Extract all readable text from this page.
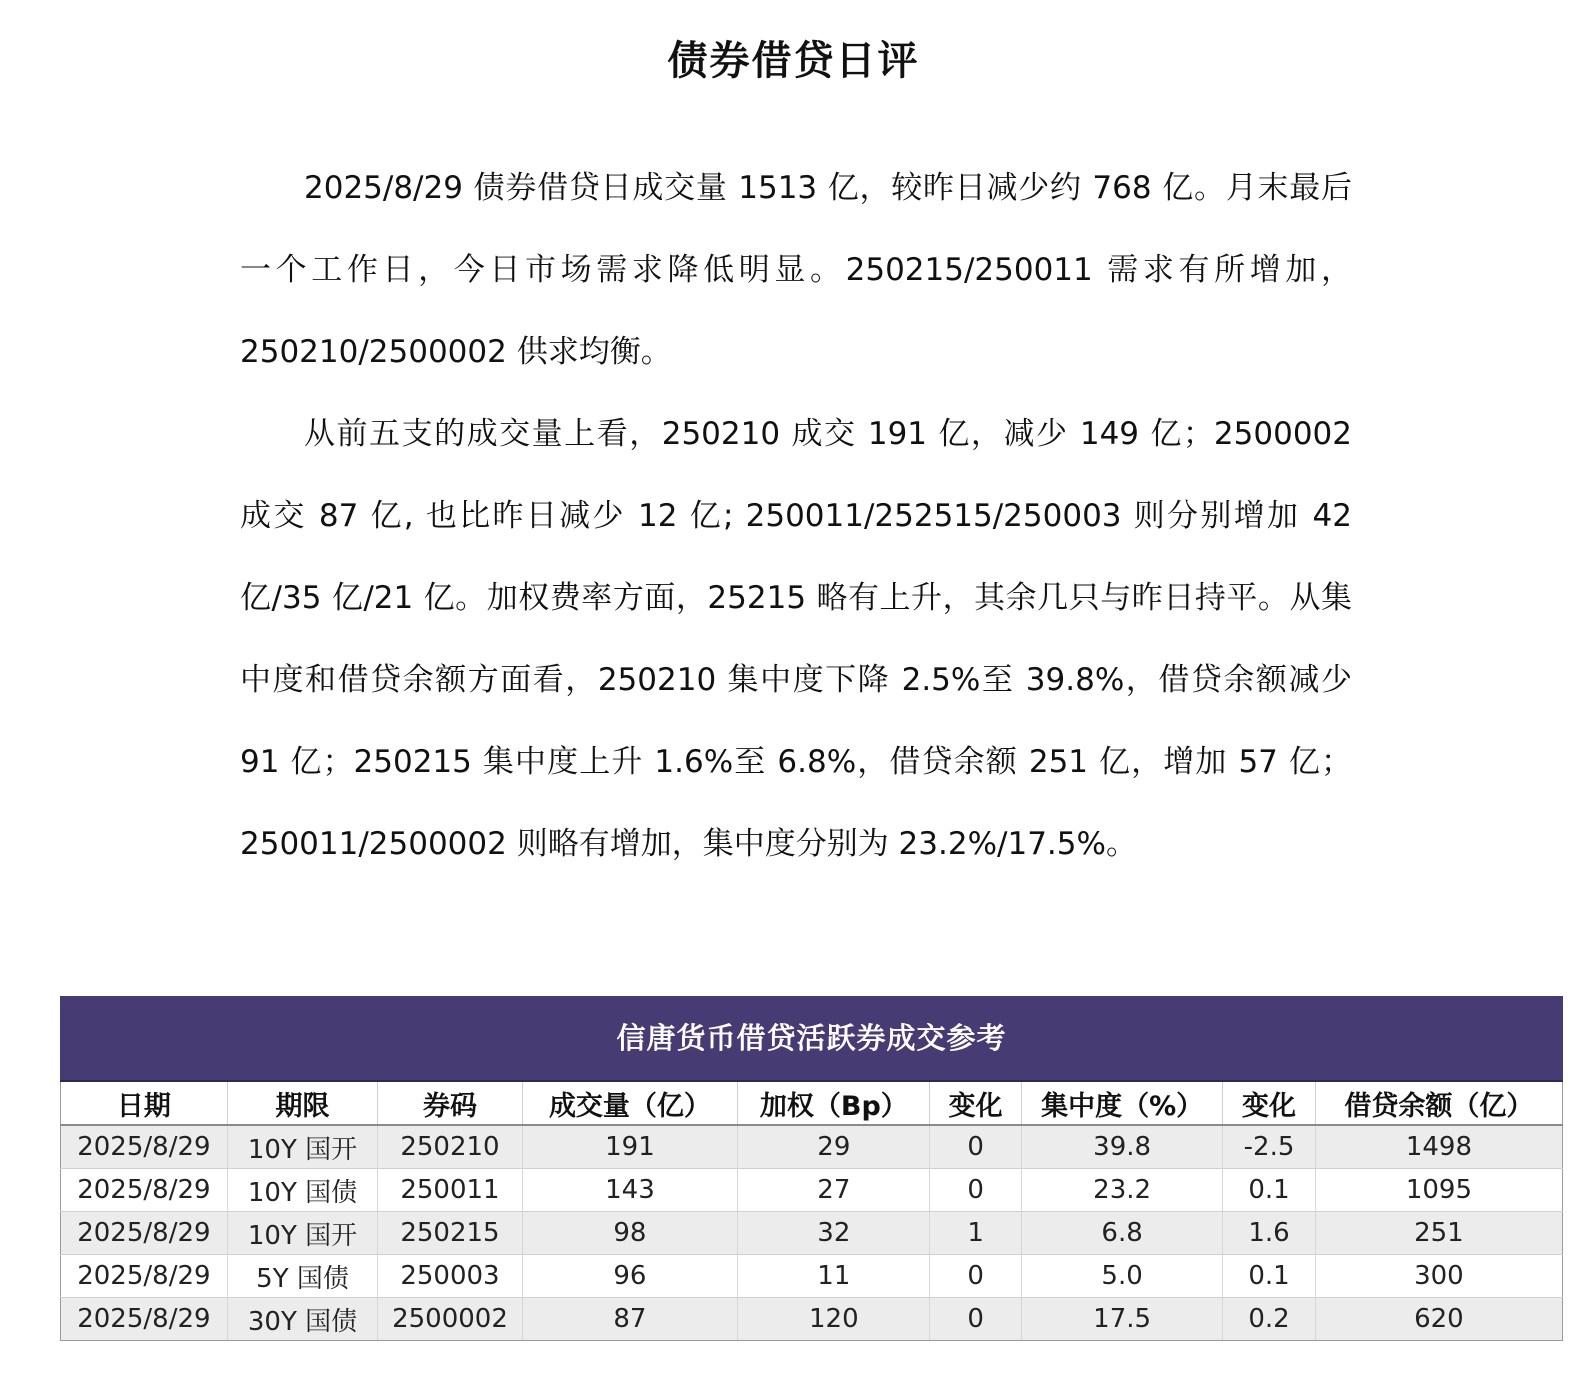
债券借贷日评

2025/8/29 债券借贷日成交量 1513 亿，较昨日减少约 768 亿。月末最后一个工作日，今日市场需求降低明显。250215/250011 需求有所增加，250210/2500002 供求均衡。

从前五支的成交量上看，250210 成交 191 亿，减少 149 亿；2500002 成交 87 亿, 也比昨日减少 12 亿; 250011/252515/250003 则分别增加 42 亿/35 亿/21 亿。加权费率方面，25215 略有上升，其余几只与昨日持平。从集中度和借贷余额方面看，250210 集中度下降 2.5%至 39.8%，借贷余额减少 91 亿；250215 集中度上升 1.6%至 6.8%，借贷余额 251 亿，增加 57 亿；250011/2500002 则略有增加，集中度分别为 23.2%/17.5%。

信唐货币借贷活跃券成交参考
日期	期限	券码	成交量（亿）	加权（Bp）	变化	集中度（%）	变化	借贷余额（亿）
2025/8/29	10Y 国开	250210	191	29	0	39.8	-2.5	1498
2025/8/29	10Y 国债	250011	143	27	0	23.2	0.1	1095
2025/8/29	10Y 国开	250215	98	32	1	6.8	1.6	251
2025/8/29	5Y 国债	250003	96	11	0	5.0	0.1	300
2025/8/29	30Y 国债	2500002	87	120	0	17.5	0.2	620
